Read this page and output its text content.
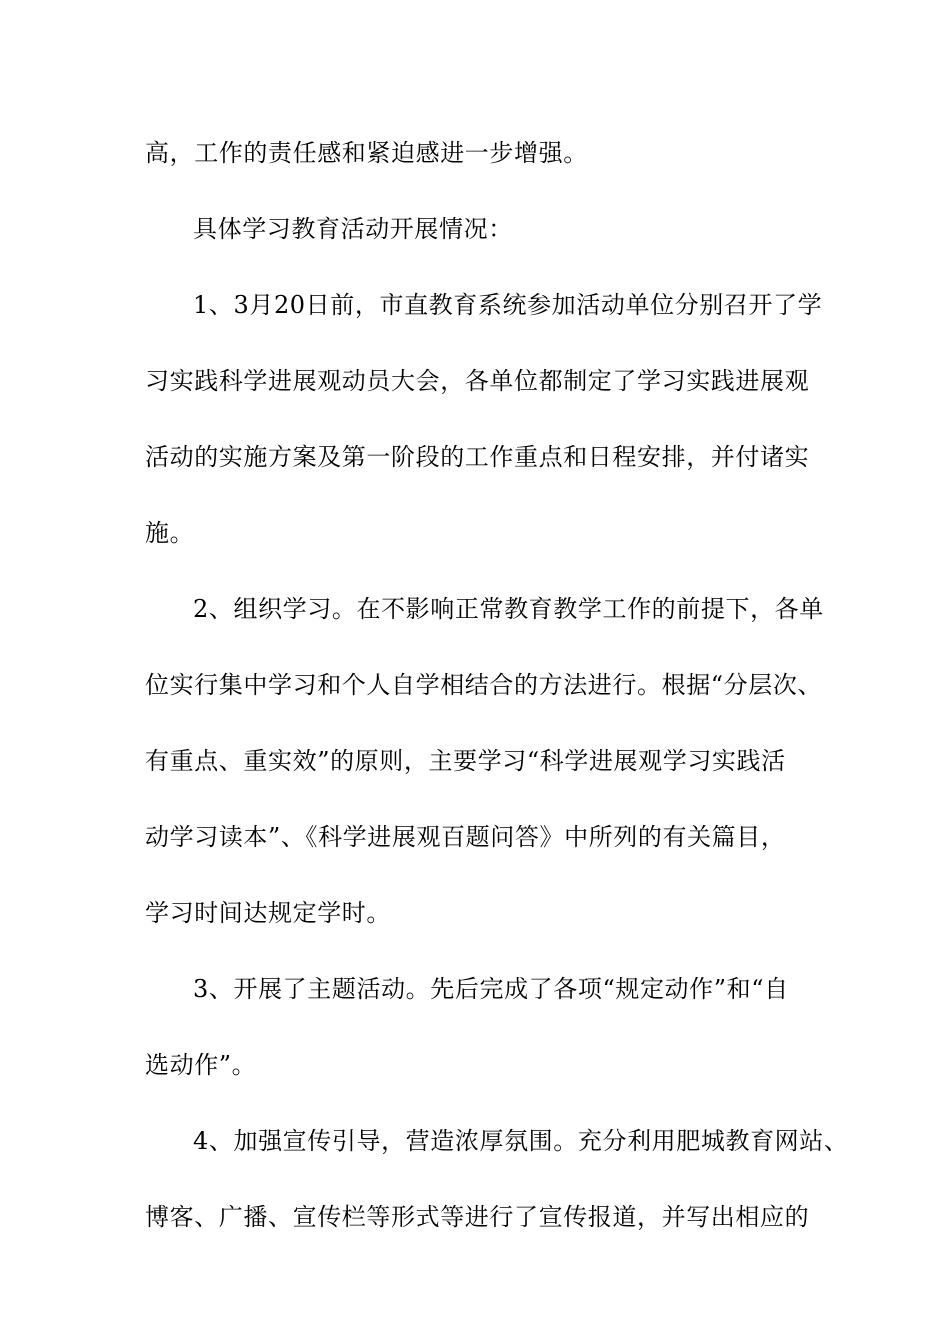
高，工作的责任感和紧迫感进一步增强。
具体学习教育活动开展情况：
1、3月20日前，市直教育系统参加活动单位分别召开了学
习实践科学进展观动员大会，各单位都制定了学习实践进展观
活动的实施方案及第一阶段的工作重点和日程安排，并付诸实
施。
2、组织学习。在不影响正常教育教学工作的前提下，各单
位实行集中学习和个人自学相结合的方法进行。根据“分层次、
有重点、重实效”的原则，主要学习“科学进展观学习实践活
动学习读本”、《科学进展观百题问答》中所列的有关篇目，
学习时间达规定学时。
3、开展了主题活动。先后完成了各项“规定动作”和“自
选动作”。
4、加强宣传引导，营造浓厚氛围。充分利用肥城教育网站、
博客、广播、宣传栏等形式等进行了宣传报道，并写出相应的
